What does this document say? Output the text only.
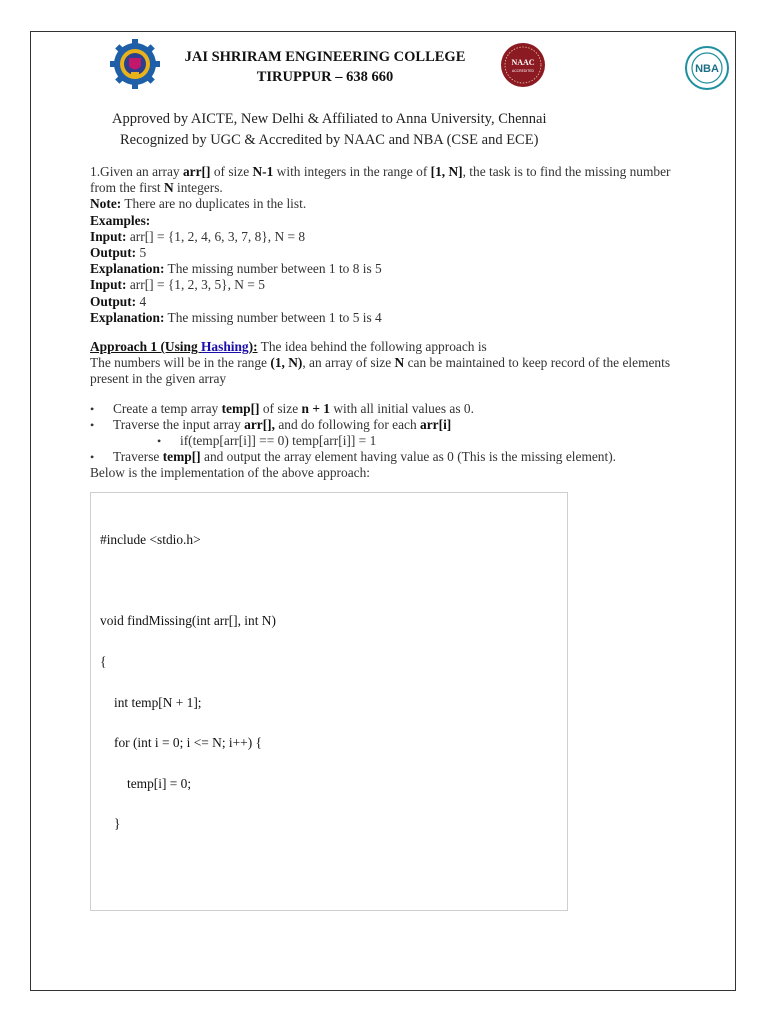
JAI SHRIRAM ENGINEERING COLLEGE
TIRUPPUR – 638 660
NAAC
ACCREDITED	NBA
Approved by AICTE, New Delhi & Affiliated to Anna University, Chennai
Recognized by UGC & Accredited by NAAC and NBA (CSE and ECE)
1.Given an array arr[] of size N-1 with integers in the range of [1, N], the task is to find the missing number from the first N integers.
Note: There are no duplicates in the list.
Examples:
Input: arr[] = {1, 2, 4, 6, 3, 7, 8}, N = 8
Output: 5
Explanation: The missing number between 1 to 8 is 5
Input: arr[] = {1, 2, 3, 5}, N = 5
Output: 4
Explanation: The missing number between 1 to 5 is 4
Approach 1 (Using Hashing): The idea behind the following approach is
The numbers will be in the range (1, N), an array of size N can be maintained to keep record of the elements present in the given array
• Create a temp array temp[] of size n + 1 with all initial values as 0.
• Traverse the input array arr[], and do following for each arr[i]
• if(temp[arr[i]] == 0) temp[arr[i]] = 1
• Traverse temp[] and output the array element having value as 0 (This is the missing element).
Below is the implementation of the above approach:
#include <stdio.h>
void findMissing(int arr[], int N)
{
int temp[N + 1];
for (int i = 0; i <= N; i++) {
temp[i] = 0;
}
